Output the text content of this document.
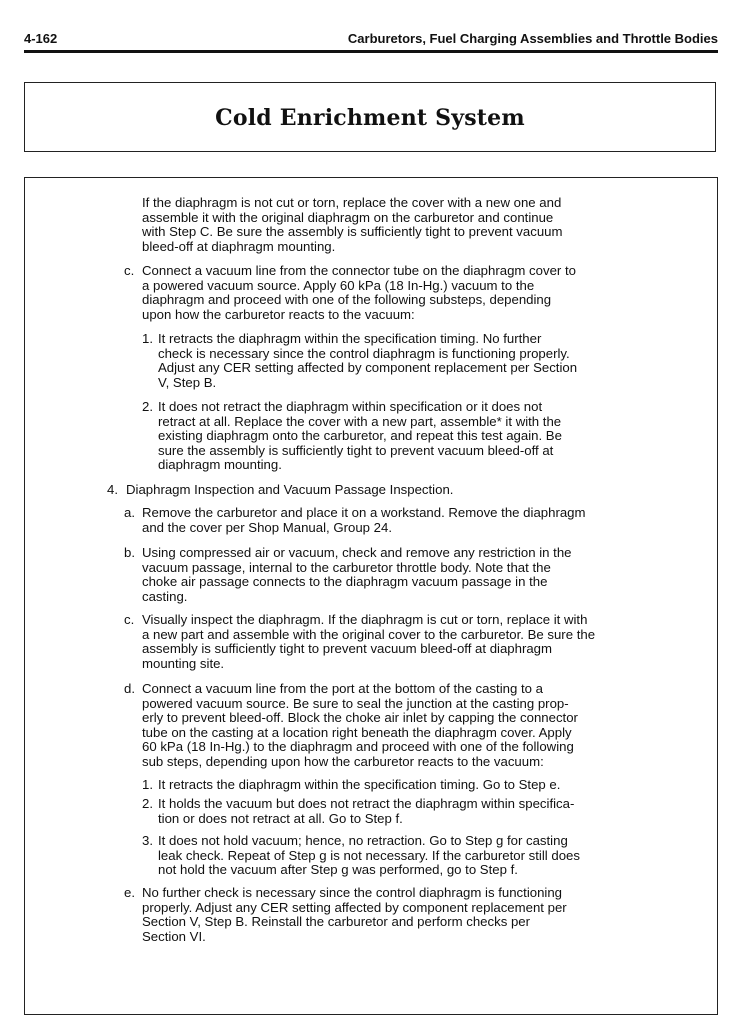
4-162	Carburetors, Fuel Charging Assemblies and Throttle Bodies
Cold Enrichment System

If the diaphragm is not cut or torn, replace the cover with a new one and
assemble it with the original diaphragm on the carburetor and continue
with Step C. Be sure the assembly is sufficiently tight to prevent vacuum
bleed-off at diaphragm mounting.

c. Connect a vacuum line from the connector tube on the diaphragm cover to
a powered vacuum source. Apply 60 kPa (18 In-Hg.) vacuum to the
diaphragm and proceed with one of the following substeps, depending
upon how the carburetor reacts to the vacuum:

1. It retracts the diaphragm within the specification timing. No further
check is necessary since the control diaphragm is functioning properly.
Adjust any CER setting affected by component replacement per Section
V, Step B.

2. It does not retract the diaphragm within specification or it does not
retract at all. Replace the cover with a new part, assemble* it with the
existing diaphragm onto the carburetor, and repeat this test again. Be
sure the assembly is sufficiently tight to prevent vacuum bleed-off at
diaphragm mounting.

4. Diaphragm Inspection and Vacuum Passage Inspection.

a. Remove the carburetor and place it on a workstand. Remove the diaphragm
and the cover per Shop Manual, Group 24.

b. Using compressed air or vacuum, check and remove any restriction in the
vacuum passage, internal to the carburetor throttle body. Note that the
choke air passage connects to the diaphragm vacuum passage in the
casting.

c. Visually inspect the diaphragm. If the diaphragm is cut or torn, replace it with
a new part and assemble with the original cover to the carburetor. Be sure the
assembly is sufficiently tight to prevent vacuum bleed-off at diaphragm
mounting site.

d. Connect a vacuum line from the port at the bottom of the casting to a
powered vacuum source. Be sure to seal the junction at the casting prop-
erly to prevent bleed-off. Block the choke air inlet by capping the connector
tube on the casting at a location right beneath the diaphragm cover. Apply
60 kPa (18 In-Hg.) to the diaphragm and proceed with one of the following
sub steps, depending upon how the carburetor reacts to the vacuum:

1. It retracts the diaphragm within the specification timing. Go to Step e.

2. It holds the vacuum but does not retract the diaphragm within specifica-
tion or does not retract at all. Go to Step f.

3. It does not hold vacuum; hence, no retraction. Go to Step g for casting
leak check. Repeat of Step g is not necessary. If the carburetor still does
not hold the vacuum after Step g was performed, go to Step f.

e. No further check is necessary since the control diaphragm is functioning
properly. Adjust any CER setting affected by component replacement per
Section V, Step B. Reinstall the carburetor and perform checks per
Section VI.
